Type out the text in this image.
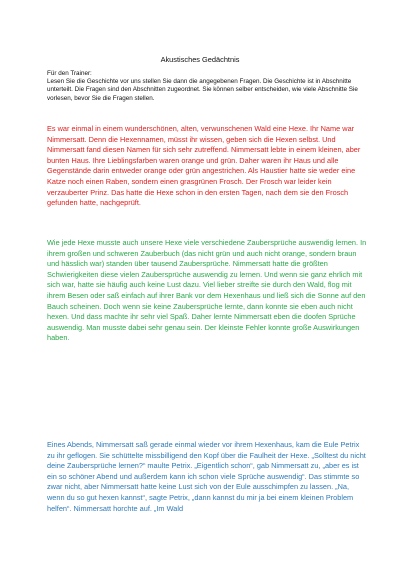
Akustisches Gedächtnis

Für den Trainer:

Lesen Sie die Geschichte vor uns stellen Sie dann die angegebenen Fragen. Die Geschichte ist in Abschnitte unterteilt. Die Fragen sind den Abschnitten zugeordnet. Sie können selber entscheiden, wie viele Abschnitte Sie vorlesen, bevor Sie die Fragen stellen.

Es war einmal in einem wunderschönen, alten, verwunschenen Wald eine Hexe. Ihr Name war Nimmersatt. Denn die Hexennamen, müsst ihr wissen, geben sich die Hexen selbst. Und Nimmersatt fand diesen Namen für sich sehr zutreffend. Nimmersatt lebte in einem kleinen, aber bunten Haus. Ihre Lieblingsfarben waren orange und grün. Daher waren ihr Haus und alle Gegenstände darin entweder orange oder grün angestrichen. Als Haustier hatte sie weder eine Katze noch einen Raben, sondern einen grasgrünen Frosch. Der Frosch war leider kein verzauberter Prinz. Das hatte die Hexe schon in den ersten Tagen, nach dem sie den Frosch gefunden hatte, nachgeprüft.

Wie jede Hexe musste auch unsere Hexe viele verschiedene Zaubersprüche auswendig lernen. In ihrem großen und schweren Zauberbuch (das nicht grün und auch nicht orange, sondern braun und hässlich war) standen über tausend Zaubersprüche. Nimmersatt hatte die größten Schwierigkeiten diese vielen Zaubersprüche auswendig zu lernen. Und wenn sie ganz ehrlich mit sich war, hatte sie häufig auch keine Lust dazu. Viel lieber streifte sie durch den Wald, flog mit ihrem Besen oder saß einfach auf ihrer Bank vor dem Hexenhaus und ließ sich die Sonne auf den Bauch scheinen. Doch wenn sie keine Zaubersprüche lernte, dann konnte sie eben auch nicht hexen. Und dass machte ihr sehr viel Spaß. Daher lernte Nimmersatt eben die doofen Sprüche auswendig. Man musste dabei sehr genau sein. Der kleinste Fehler konnte große Auswirkungen haben.

Eines Abends, Nimmersatt saß gerade einmal wieder vor ihrem Hexenhaus, kam die Eule Petrix zu ihr geflogen. Sie schüttelte missbilligend den Kopf über die Faulheit der Hexe. „Solltest du nicht deine Zaubersprüche lernen?“ maulte Petrix. „Eigentlich schon“, gab Nimmersatt zu, „aber es ist ein so schöner Abend und außerdem kann ich schon viele Sprüche auswendig“. Das stimmte so zwar nicht, aber Nimmersatt hatte keine Lust sich von der Eule ausschimpfen zu lassen. „Na, wenn du so gut hexen kannst“, sagte Petrix, „dann kannst du mir ja bei einem kleinen Problem helfen“. Nimmersatt horchte auf. „Im Wald
